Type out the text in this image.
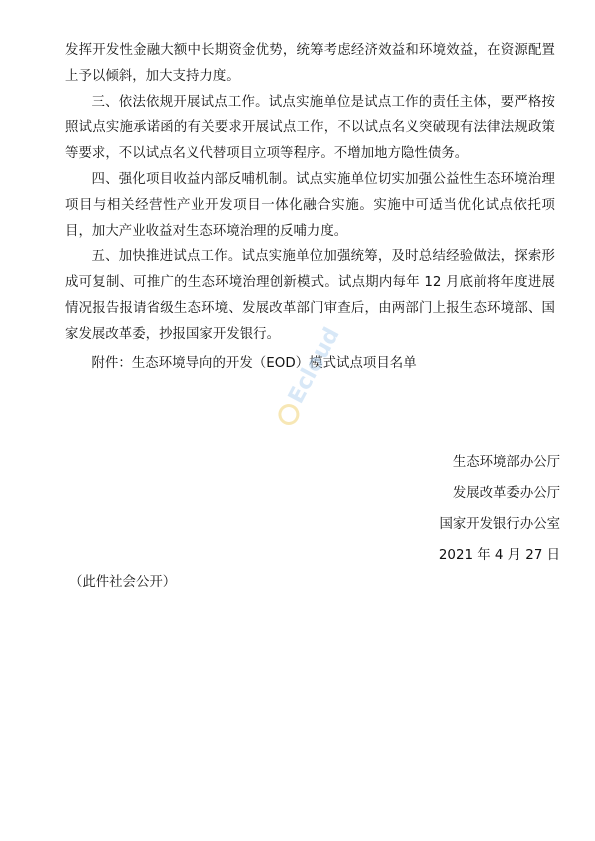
发挥开发性金融大额中长期资金优势，统筹考虑经济效益和环境效益，在资源配置上予以倾斜，加大支持力度。

三、依法依规开展试点工作。试点实施单位是试点工作的责任主体，要严格按照试点实施承诺函的有关要求开展试点工作，不以试点名义突破现有法律法规政策等要求，不以试点名义代替项目立项等程序。不增加地方隐性债务。

四、强化项目收益内部反哺机制。试点实施单位切实加强公益性生态环境治理项目与相关经营性产业开发项目一体化融合实施。实施中可适当优化试点依托项目，加大产业收益对生态环境治理的反哺力度。

五、加快推进试点工作。试点实施单位加强统筹，及时总结经验做法，探索形成可复制、可推广的生态环境治理创新模式。试点期内每年 12 月底前将年度进展情况报告报请省级生态环境、发展改革部门审查后，由两部门上报生态环境部、国家发展改革委，抄报国家开发银行。

附件：生态环境导向的开发（EOD）模式试点项目名单

生态环境部办公厅
发展改革委办公厅
国家开发银行办公室
2021 年 4 月 27 日
（此件社会公开）
Ecloud
